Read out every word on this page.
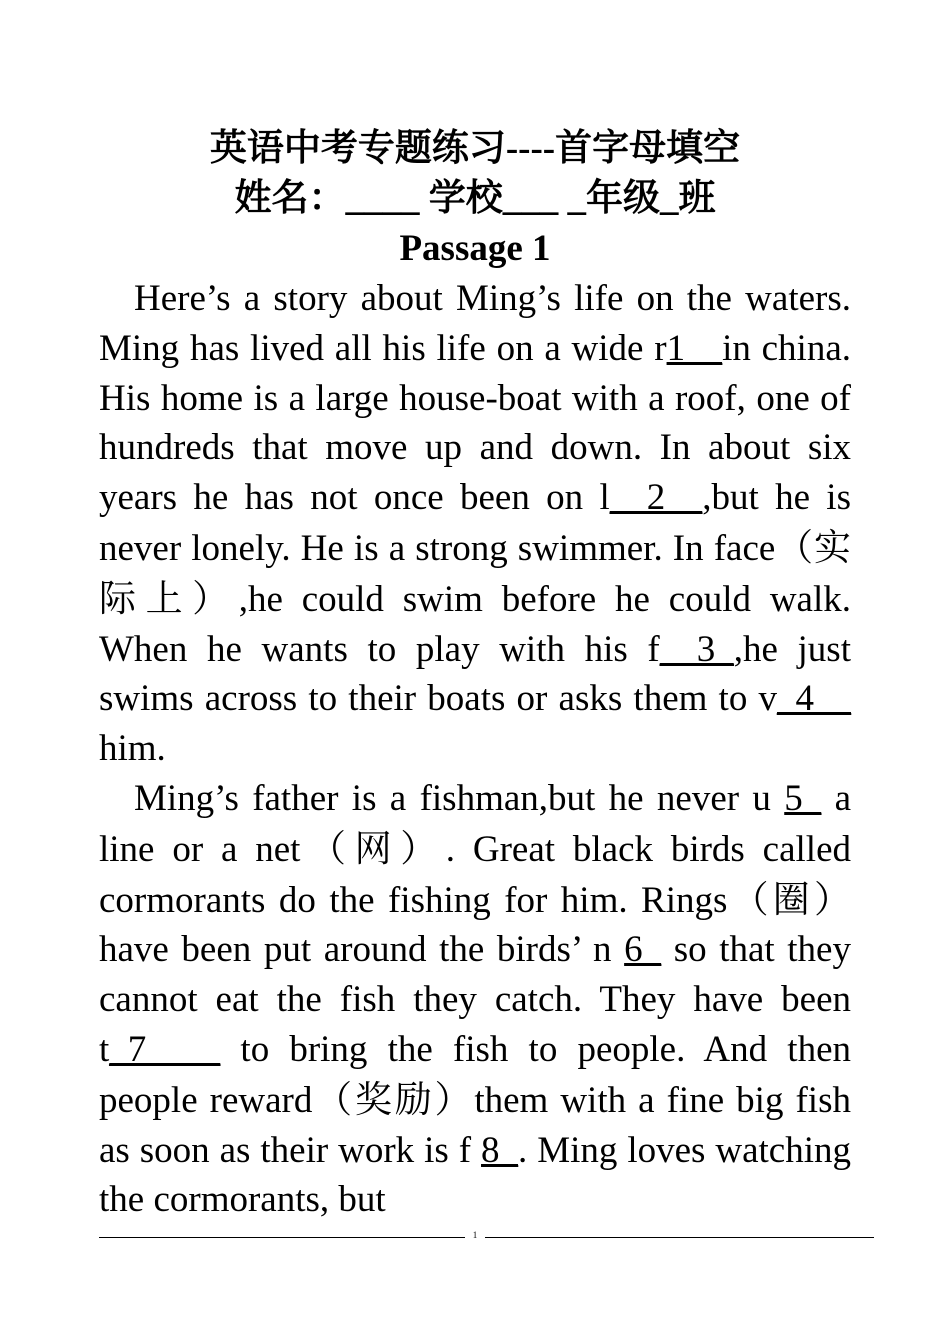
英语中考专题练习----首字母填空
姓名：____ 学校___ _年级_班
Passage 1

Here’s a story about Ming’s life on the waters. Ming has lived all his life on a wide r1__in china. His home is a large house-boat with a roof, one of hundreds that move up and down. In about six years he has not once been on l__2__,but he is never lonely. He is a strong swimmer. In face（实际上）,he could swim before he could walk. When he wants to play with his f__3_,he just swims across to their boats or asks them to v_4__ him.

Ming’s father is a fishman,but he never u 5_ a line or a net（网）. Great black birds called cormorants do the fishing for him. Rings（圈）have been put around the birds’ n 6_ so that they cannot eat the fish they catch. They have been t_7____ to bring the fish to people. And then people reward（奖励）them with a fine big fish as soon as their work is f 8_. Ming loves watching the cormorants, but

1
